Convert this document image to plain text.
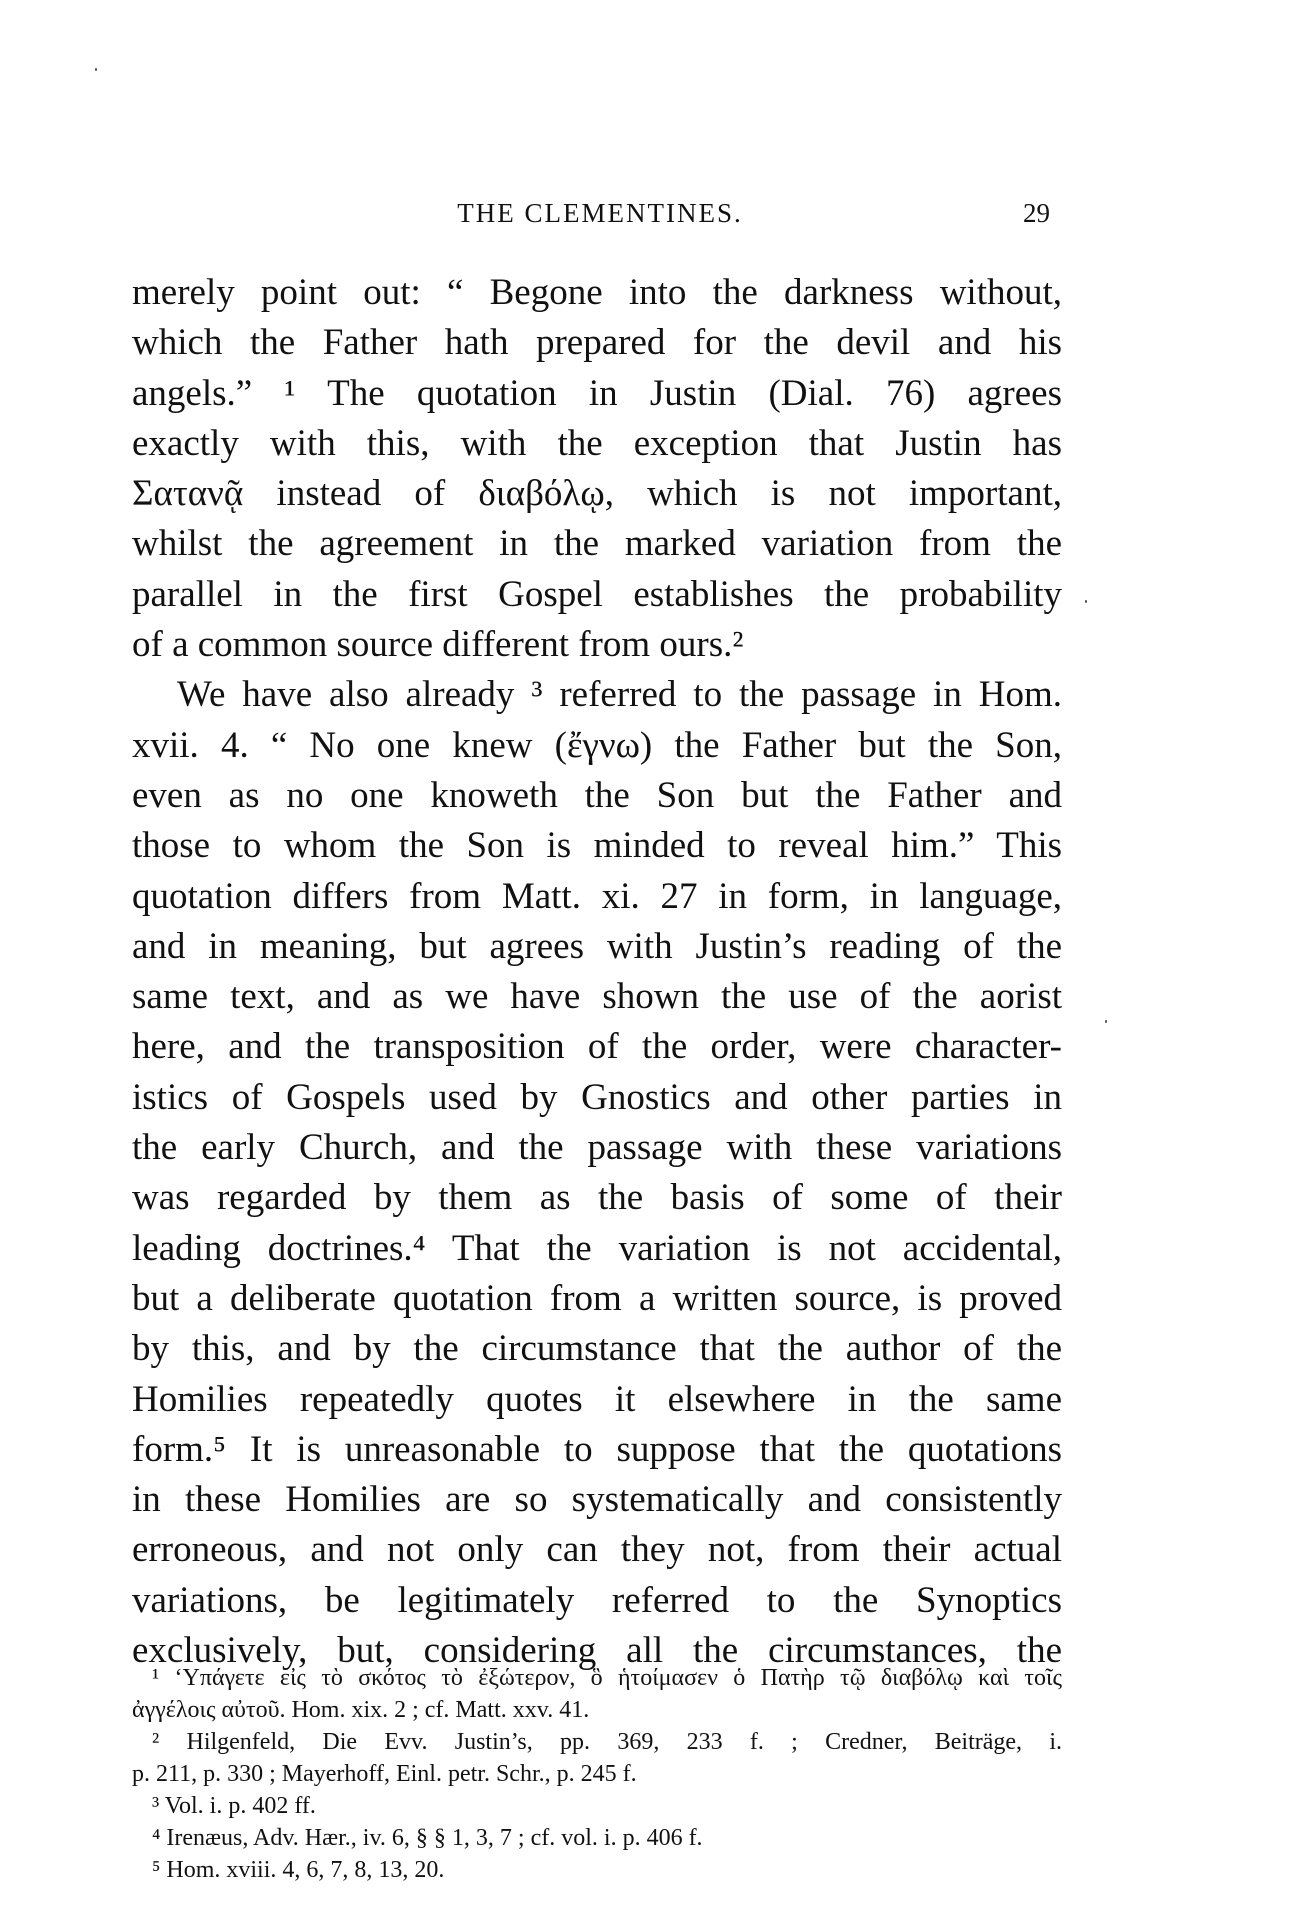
THE CLEMENTINES.	29
merely point out: “ Begone into the darkness without,
which the Father hath prepared for the devil and his
angels.” ¹ The quotation in Justin (Dial. 76) agrees
exactly with this, with the exception that Justin has
Σατανᾷ instead of διαβόλῳ, which is not important,
whilst the agreement in the marked variation from the
parallel in the first Gospel establishes the probability
of a common source different from ours.²
We have also already ³ referred to the passage in Hom.
xvii. 4. “ No one knew (ἔγνω) the Father but the Son,
even as no one knoweth the Son but the Father and
those to whom the Son is minded to reveal him.” This
quotation differs from Matt. xi. 27 in form, in language,
and in meaning, but agrees with Justin’s reading of the
same text, and as we have shown the use of the aorist
here, and the transposition of the order, were character-
istics of Gospels used by Gnostics and other parties in
the early Church, and the passage with these variations
was regarded by them as the basis of some of their
leading doctrines.⁴ That the variation is not accidental,
but a deliberate quotation from a written source, is proved
by this, and by the circumstance that the author of the
Homilies repeatedly quotes it elsewhere in the same
form.⁵ It is unreasonable to suppose that the quotations
in these Homilies are so systematically and consistently
erroneous, and not only can they not, from their actual
variations, be legitimately referred to the Synoptics
exclusively, but, considering all the circumstances, the
¹ ‘Υπάγετε εἰς τὸ σκότος τὸ ἐξώτερον, ὃ ἡτοίμασεν ὁ Πατὴρ τῷ διαβόλῳ καὶ τοῖς
ἀγγέλοις αὐτοῦ. Hom. xix. 2 ; cf. Matt. xxv. 41.
² Hilgenfeld, Die Evv. Justin’s, pp. 369, 233 f. ; Credner, Beiträge, i.
p. 211, p. 330 ; Mayerhoff, Einl. petr. Schr., p. 245 f.
³ Vol. i. p. 402 ff.
⁴ Irenæus, Adv. Hær., iv. 6, § § 1, 3, 7 ; cf. vol. i. p. 406 f.
⁵ Hom. xviii. 4, 6, 7, 8, 13, 20.
